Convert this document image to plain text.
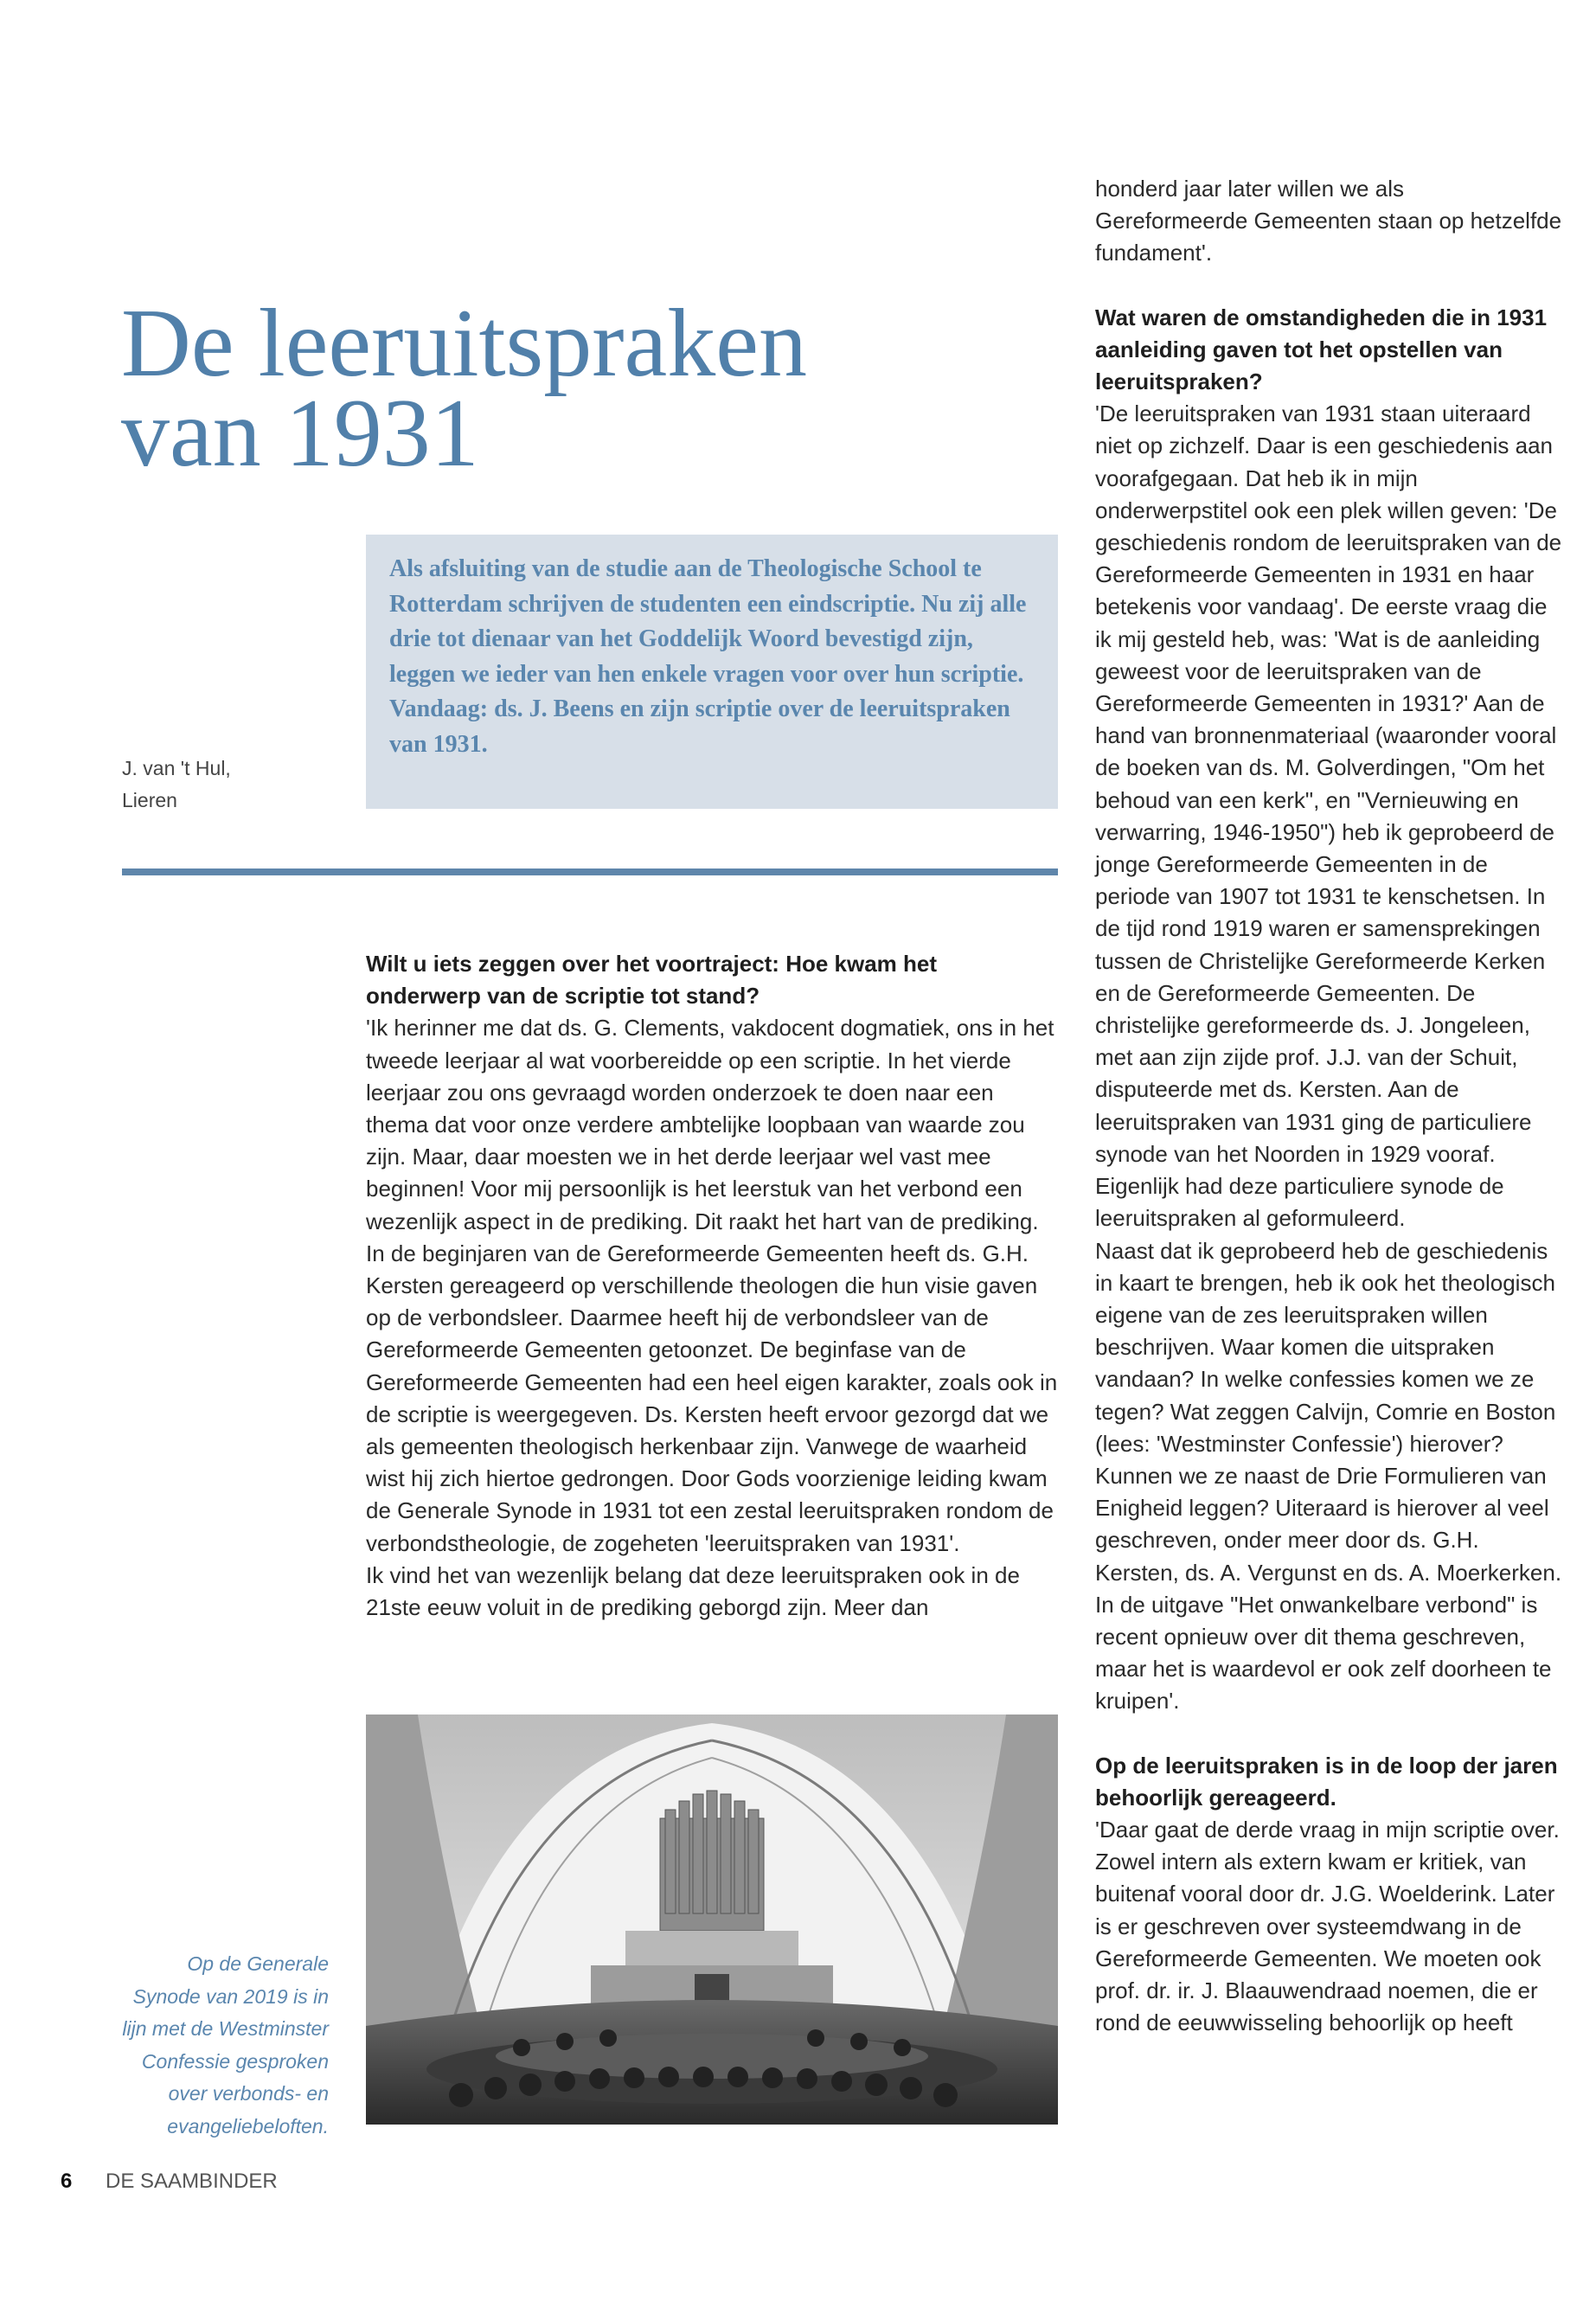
De leeruitspraken
van 1931
Als afsluiting van de studie aan de Theologische School te Rotterdam schrijven de studenten een eindscriptie. Nu zij alle drie tot dienaar van het Goddelijk Woord bevestigd zijn, leggen we ieder van hen enkele vragen voor over hun scriptie. Vandaag: ds. J. Beens en zijn scriptie over de leeruitspraken van 1931.
J. van 't Hul,
Lieren

Wilt u iets zeggen over het voortraject: Hoe kwam het onderwerp van de scriptie tot stand?

'Ik herinner me dat ds. G. Clements, vakdocent dogmatiek, ons in het tweede leerjaar al wat voorbereidde op een scriptie. In het vierde leerjaar zou ons gevraagd worden onderzoek te doen naar een thema dat voor onze verdere ambtelijke loopbaan van waarde zou zijn. Maar, daar moesten we in het derde leerjaar wel vast mee beginnen! Voor mij persoonlijk is het leerstuk van het verbond een wezenlijk aspect in de prediking. Dit raakt het hart van de prediking. In de beginjaren van de Gereformeerde Gemeenten heeft ds. G.H. Kersten gereageerd op verschillende theologen die hun visie gaven op de verbondsleer. Daarmee heeft hij de verbondsleer van de Gereformeerde Gemeenten getoonzet. De beginfase van de Gereformeerde Gemeenten had een heel eigen karakter, zoals ook in de scriptie is weergegeven. Ds. Kersten heeft ervoor gezorgd dat we als gemeenten theologisch herkenbaar zijn. Vanwege de waarheid wist hij zich hiertoe gedrongen. Door Gods voorzienige leiding kwam de Generale Synode in 1931 tot een zestal leeruitspraken rondom de verbondstheologie, de zogeheten 'leeruitspraken van 1931'.

Ik vind het van wezenlijk belang dat deze leeruitspraken ook in de 21ste eeuw voluit in de prediking geborgd zijn. Meer dan

Op de Generale Synode van 2019 is in lijn met de Westminster Confessie gesproken over verbonds- en evangeliebeloften.

honderd jaar later willen we als Gereformeerde Gemeenten staan op hetzelfde fundament'.

Wat waren de omstandigheden die in 1931 aanleiding gaven tot het opstellen van leeruitspraken?

'De leeruitspraken van 1931 staan uiteraard niet op zichzelf. Daar is een geschiedenis aan voorafgegaan. Dat heb ik in mijn onderwerpstitel ook een plek willen geven: 'De geschiedenis rondom de leeruitspraken van de Gereformeerde Gemeenten in 1931 en haar betekenis voor vandaag'. De eerste vraag die ik mij gesteld heb, was: 'Wat is de aanleiding geweest voor de leeruitspraken van de Gereformeerde Gemeenten in 1931?' Aan de hand van bronnenmateriaal (waaronder vooral de boeken van ds. M. Golverdingen, "Om het behoud van een kerk", en "Vernieuwing en verwarring, 1946-1950") heb ik geprobeerd de jonge Gereformeerde Gemeenten in de periode van 1907 tot 1931 te kenschetsen. In de tijd rond 1919 waren er samensprekingen tussen de Christelijke Gereformeerde Kerken en de Gereformeerde Gemeenten. De christelijke gereformeerde ds. J. Jongeleen, met aan zijn zijde prof. J.J. van der Schuit, disputeerde met ds. Kersten. Aan de leeruitspraken van 1931 ging de particuliere synode van het Noorden in 1929 vooraf. Eigenlijk had deze particuliere synode de leeruitspraken al geformuleerd.

Naast dat ik geprobeerd heb de geschiedenis in kaart te brengen, heb ik ook het theologisch eigene van de zes leeruitspraken willen beschrijven. Waar komen die uitspraken vandaan? In welke confessies komen we ze tegen? Wat zeggen Calvijn, Comrie en Boston (lees: 'Westminster Confessie') hierover? Kunnen we ze naast de Drie Formulieren van Enigheid leggen? Uiteraard is hierover al veel geschreven, onder meer door ds. G.H. Kersten, ds. A. Vergunst en ds. A. Moerkerken. In de uitgave "Het onwankelbare verbond" is recent opnieuw over dit thema geschreven, maar het is waardevol er ook zelf doorheen te kruipen'.

Op de leeruitspraken is in de loop der jaren behoorlijk gereageerd.

'Daar gaat de derde vraag in mijn scriptie over. Zowel intern als extern kwam er kritiek, van buitenaf vooral door dr. J.G. Woelderink. Later is er geschreven over systeemdwang in de Gereformeerde Gemeenten. We moeten ook prof. dr. ir. J. Blaauwendraad noemen, die er rond de eeuwwisseling behoorlijk op heeft

6 DE SAAMBINDER
